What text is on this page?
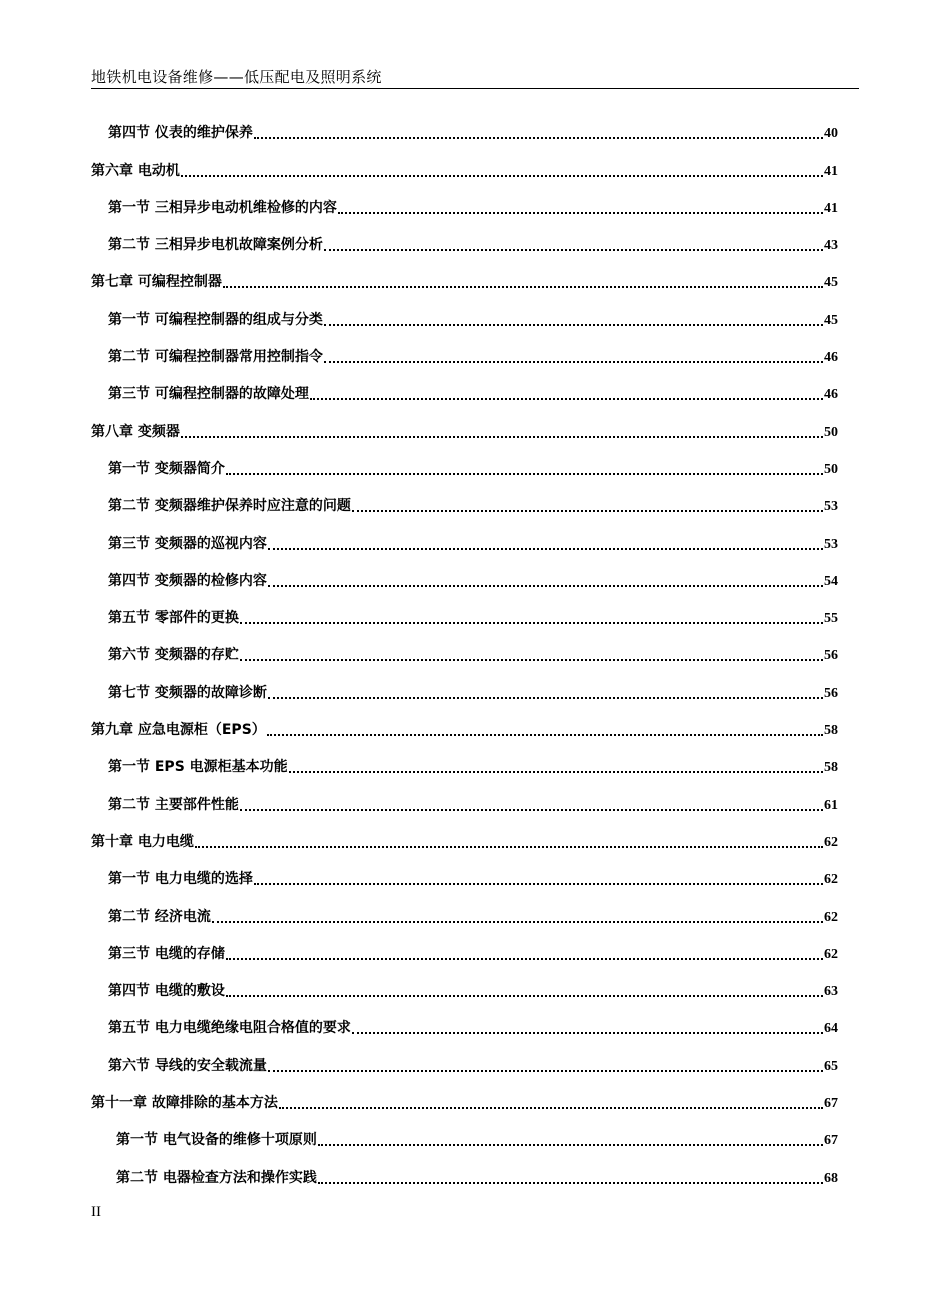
地铁机电设备维修——低压配电及照明系统
第四节 仪表的维护保养	40
第六章 电动机	41
第一节 三相异步电动机维检修的内容	41
第二节 三相异步电机故障案例分析	43
第七章 可编程控制器	45
第一节 可编程控制器的组成与分类	45
第二节 可编程控制器常用控制指令	46
第三节 可编程控制器的故障处理	46
第八章 变频器	50
第一节 变频器简介	50
第二节 变频器维护保养时应注意的问题	53
第三节 变频器的巡视内容	53
第四节 变频器的检修内容	54
第五节 零部件的更换	55
第六节 变频器的存贮	56
第七节 变频器的故障诊断	56
第九章 应急电源柜（EPS）	58
第一节 EPS 电源柜基本功能	58
第二节 主要部件性能	61
第十章 电力电缆	62
第一节 电力电缆的选择	62
第二节 经济电流	62
第三节 电缆的存储	62
第四节 电缆的敷设	63
第五节 电力电缆绝缘电阻合格值的要求	64
第六节 导线的安全载流量	65
第十一章 故障排除的基本方法	67
第一节 电气设备的维修十项原则	67
第二节 电器检查方法和操作实践	68
II
